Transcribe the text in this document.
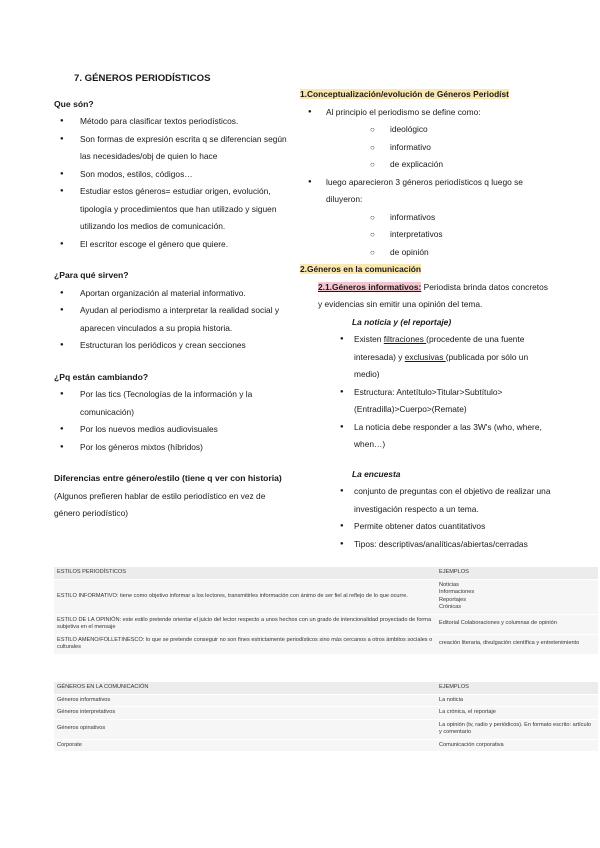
7. GÉNEROS PERIODÍSTICOS
Que són?
● Método para clasificar textos periodísticos.
● Son formas de expresión escrita q se diferencian según las necesidades/obj de quien lo hace
● Son modos, estilos, códigos…
● Estudiar estos géneros= estudiar origen, evolución, tipología y procedimientos que han utilizado y siguen utilizando los medios de comunicación.
● El escritor escoge el género que quiere.
¿Para qué sirven?
● Aportan organización al material informativo.
● Ayudan al periodismo a interpretar la realidad social y aparecen vinculados a su propia historia.
● Estructuran los periódicos y crean secciones
¿Pq están cambiando?
● Por las tics (Tecnologías de la información y la comunicación)
● Por los nuevos medios audiovisuales
● Por los géneros mixtos (híbridos)
Diferencias entre género/estilo (tiene q ver con historia)
(Algunos prefieren hablar de estilo periodístico en vez de género periodístico)
1.Conceptualización/evolución de Géneros Periodíst
● Al principio el periodismo se define como:
○ ideológico
○ informativo
○ de explicación
● luego aparecieron 3 géneros periodísticos q luego se diluyeron:
○ informativos
○ interpretativos
○ de opinión
2.Géneros en la comunicación
2.1.Géneros informativos: Periodista brinda datos concretos y evidencias sin emitir una opinión del tema.
La noticia y (el reportaje)
● Existen filtraciones (procedente de una fuente interesada) y exclusivas (publicada por sólo un medio)
● Estructura: Antetítulo>Titular>Subtítulo>(Entradilla)>Cuerpo>(Remate)
● La noticia debe responder a las 3W's (who, where, when…)
La encuesta
● conjunto de preguntas con el objetivo de realizar una investigación respecto a un tema.
● Permite obtener datos cuantitativos
● Tipos: descriptivas/analíticas/abiertas/cerradas
ESTILOS PERIODÍSTICOS	EJEMPLOS
ESTILO INFORMATIVO: tiene como objetivo informar a los lectores, transmitirles información con ánimo de ser fiel al reflejo de lo que ocurre.	Noticias
Informaciones
Reportajes
Crónicas

ESTILO DE LA OPINIÓN: este estilo pretende orientar el juicio del lector respecto a unos hechos con un grado de intencionalidad proyectado de forma subjetiva en el mensaje	Editorial Colaboraciones y columnas de opinión
ESTILO AMENO/FOLLETINESCO: lo que se pretende conseguir no son fines estrictamente periodísticos sino más cercanos a otros ámbitos sociales o culturales	creación literaria, divulgación científica y entretenimiento
GÉNEROS EN LA COMUNICACIÓN	EJEMPLOS
Géneros informativos	La noticia
Géneros interpretativos	La crónica, el reportaje
Géneros opinativos	La opinión (tv, radio y periódicos). En formato escrito: artículo y comentario
Corporate	Comunicación corporativa
